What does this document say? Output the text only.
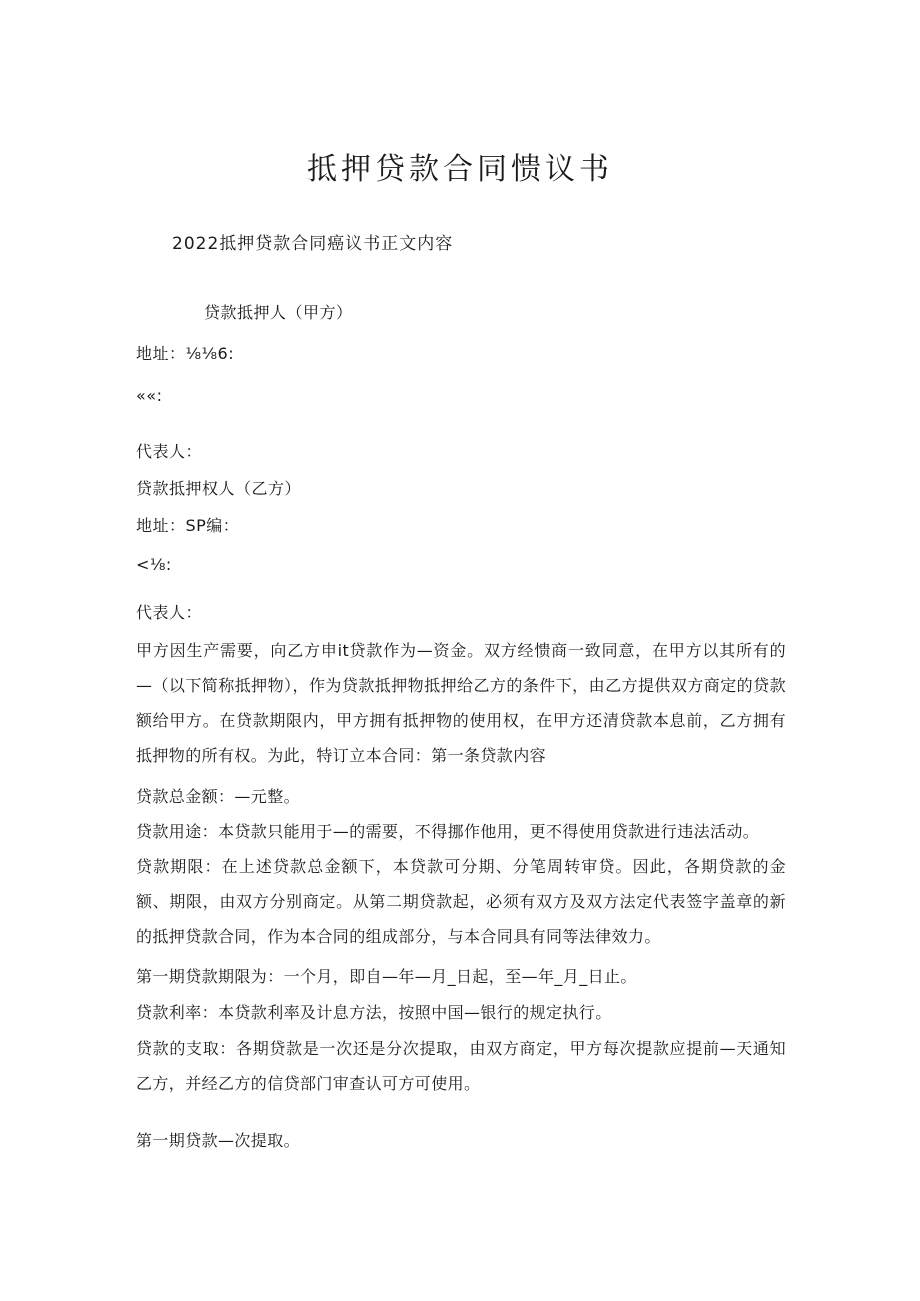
抵押贷款合同愦议书
2022抵押贷款合同癌议书正文内容
贷款抵押人（甲方）
地址：⅛⅛6:
««:
代表人：
贷款抵押权人（乙方）
地址：SP编：
<⅛:
代表人：
甲方因生产需要，向乙方申it贷款作为—资金。双方经愦商一致同意，在甲方以其所有的—（以下简称抵押物），作为贷款抵押物抵押给乙方的条件下，由乙方提供双方商定的贷款额给甲方。在贷款期限内，甲方拥有抵押物的使用权，在甲方还清贷款本息前，乙方拥有抵押物的所有权。为此，特订立本合同：第一条贷款内容
贷款总金额：—元整。
贷款用途：本贷款只能用于—的需要，不得挪作他用，更不得使用贷款进行违法活动。
贷款期限：在上述贷款总金额下，本贷款可分期、分笔周转审贷。因此，各期贷款的金额、期限，由双方分别商定。从第二期贷款起，必须有双方及双方法定代表签字盖章的新的抵押贷款合同，作为本合同的组成部分，与本合同具有同等法律效力。
第一期贷款期限为：一个月，即自—年—月_日起，至—年_月_日止。
贷款利率：本贷款利率及计息方法，按照中国—银行的规定执行。
贷款的支取：各期贷款是一次还是分次提取，由双方商定，甲方每次提款应提前—天通知乙方，并经乙方的信贷部门审查认可方可使用。
第一期贷款—次提取。
